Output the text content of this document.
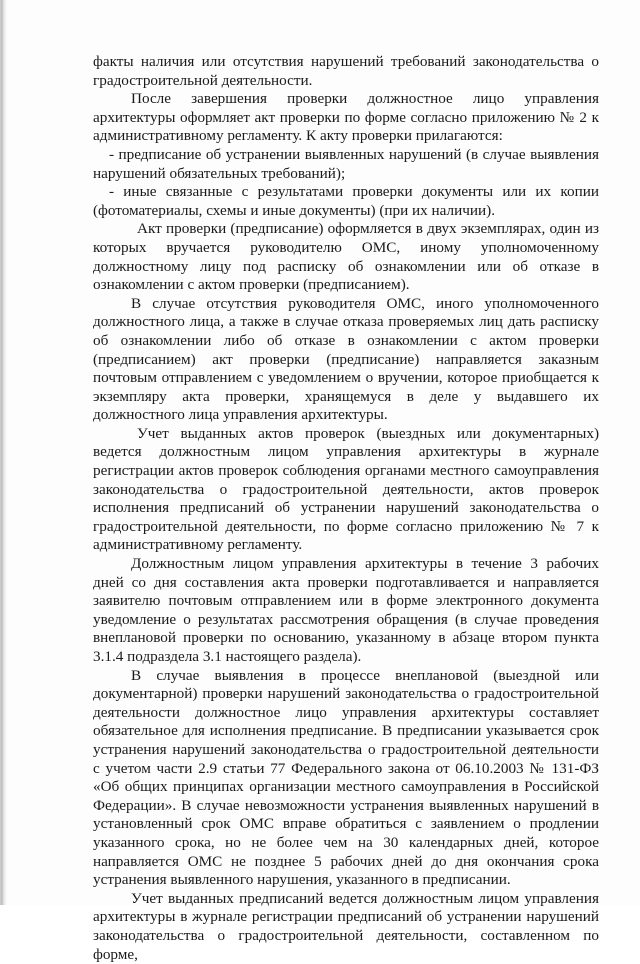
факты наличия или отсутствия нарушений требований законодательства о градостроительной деятельности.

После завершения проверки должностное лицо управления архитектуры оформляет акт проверки по форме согласно приложению № 2 к административному регламенту. К акту проверки прилагаются:

- предписание об устранении выявленных нарушений (в случае выявления нарушений обязательных требований);

- иные связанные с результатами проверки документы или их копии (фотоматериалы, схемы и иные документы) (при их наличии).

Акт проверки (предписание) оформляется в двух экземплярах, один из которых вручается руководителю ОМС, иному уполномоченному должностному лицу под расписку об ознакомлении или об отказе в ознакомлении с актом проверки (предписанием).

В случае отсутствия руководителя ОМС, иного уполномоченного должностного лица, а также в случае отказа проверяемых лиц дать расписку об ознакомлении либо об отказе в ознакомлении с актом проверки (предписанием) акт проверки (предписание) направляется заказным почтовым отправлением с уведомлением о вручении, которое приобщается к экземпляру акта проверки, хранящемуся в деле у выдавшего их должностного лица управления архитектуры.

Учет выданных актов проверок (выездных или документарных) ведется должностным лицом управления архитектуры в журнале регистрации актов проверок соблюдения органами местного самоуправления законодательства о градостроительной деятельности, актов проверок исполнения предписаний об устранении нарушений законодательства о градостроительной деятельности, по форме согласно приложению № 7 к административному регламенту.

Должностным лицом управления архитектуры в течение 3 рабочих дней со дня составления акта проверки подготавливается и направляется заявителю почтовым отправлением или в форме электронного документа уведомление о результатах рассмотрения обращения (в случае проведения внеплановой проверки по основанию, указанному в абзаце втором пункта 3.1.4 подраздела 3.1 настоящего раздела).

В случае выявления в процессе внеплановой (выездной или документарной) проверки нарушений законодательства о градостроительной деятельности должностное лицо управления архитектуры составляет обязательное для исполнения предписание. В предписании указывается срок устранения нарушений законодательства о градостроительной деятельности с учетом части 2.9 статьи 77 Федерального закона от 06.10.2003 № 131-ФЗ «Об общих принципах организации местного самоуправления в Российской Федерации». В случае невозможности устранения выявленных нарушений в установленный срок ОМС вправе обратиться с заявлением о продлении указанного срока, но не более чем на 30 календарных дней, которое направляется ОМС не позднее 5 рабочих дней до дня окончания срока устранения выявленного нарушения, указанного в предписании.

Учет выданных предписаний ведется должностным лицом управления архитектуры в журнале регистрации предписаний об устранении нарушений законодательства о градостроительной деятельности, составленном по форме,
